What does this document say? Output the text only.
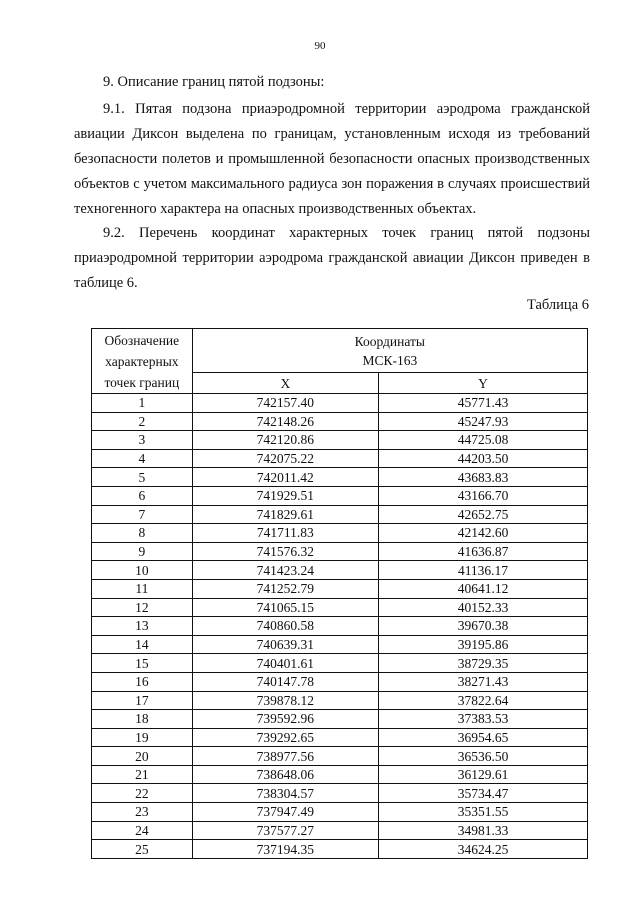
90
9. Описание границ пятой подзоны:

9.1. Пятая подзона приаэродромной территории аэродрома гражданской авиации Диксон выделена по границам, установленным исходя из требований безопасности полетов и промышленной безопасности опасных производственных объектов с учетом максимального радиуса зон поражения в случаях происшествий техногенного характера на опасных производственных объектах.

9.2. Перечень координат характерных точек границ пятой подзоны приаэродромной территории аэродрома гражданской авиации Диксон приведен в таблице 6.

Таблица 6
Обозначение
характерных
точек границ	Координаты
МСК-163	
	X	Y
1	742157.40	45771.43
2	742148.26	45247.93
3	742120.86	44725.08
4	742075.22	44203.50
5	742011.42	43683.83
6	741929.51	43166.70
7	741829.61	42652.75
8	741711.83	42142.60
9	741576.32	41636.87
10	741423.24	41136.17
11	741252.79	40641.12
12	741065.15	40152.33
13	740860.58	39670.38
14	740639.31	39195.86
15	740401.61	38729.35
16	740147.78	38271.43
17	739878.12	37822.64
18	739592.96	37383.53
19	739292.65	36954.65
20	738977.56	36536.50
21	738648.06	36129.61
22	738304.57	35734.47
23	737947.49	35351.55
24	737577.27	34981.33
25	737194.35	34624.25
